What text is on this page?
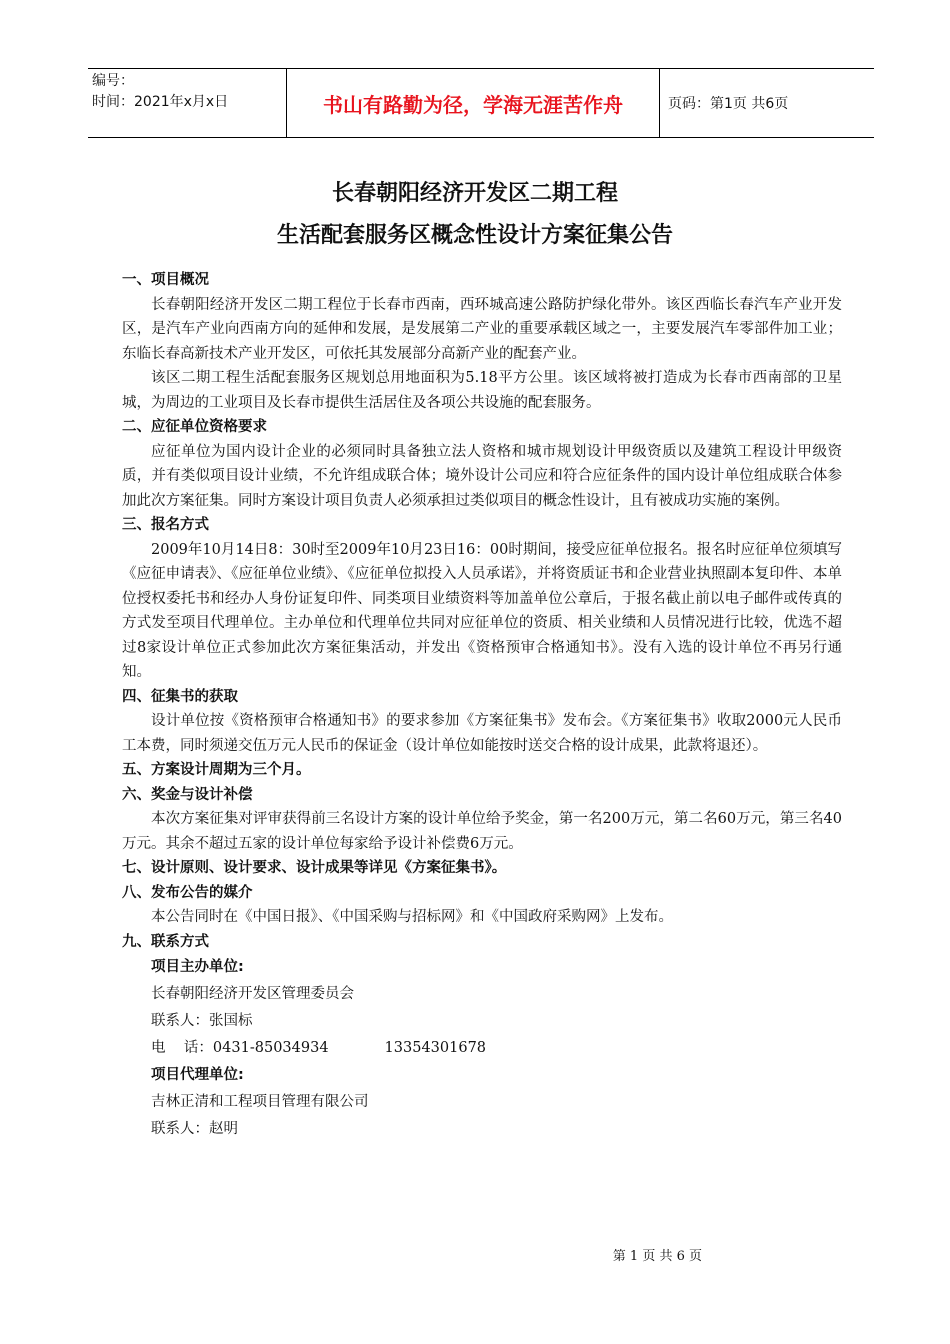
编号：
时间：2021年x月x日	书山有路勤为径，学海无涯苦作舟	页码：第1页 共6页
长春朝阳经济开发区二期工程
生活配套服务区概念性设计方案征集公告
一、项目概况

长春朝阳经济开发区二期工程位于长春市西南，西环城高速公路防护绿化带外。该区西临长春汽车产业开发区，是汽车产业向西南方向的延伸和发展，是发展第二产业的重要承载区域之一，主要发展汽车零部件加工业；东临长春高新技术产业开发区，可依托其发展部分高新产业的配套产业。

该区二期工程生活配套服务区规划总用地面积为5.18平方公里。该区域将被打造成为长春市西南部的卫星城，为周边的工业项目及长春市提供生活居住及各项公共设施的配套服务。

二、应征单位资格要求

应征单位为国内设计企业的必须同时具备独立法人资格和城市规划设计甲级资质以及建筑工程设计甲级资质，并有类似项目设计业绩，不允许组成联合体；境外设计公司应和符合应征条件的国内设计单位组成联合体参加此次方案征集。同时方案设计项目负责人必须承担过类似项目的概念性设计，且有被成功实施的案例。

三、报名方式

2009年10月14日8：30时至2009年10月23日16：00时期间，接受应征单位报名。报名时应征单位须填写《应征申请表》、《应征单位业绩》、《应征单位拟投入人员承诺》，并将资质证书和企业营业执照副本复印件、本单位授权委托书和经办人身份证复印件、同类项目业绩资料等加盖单位公章后，于报名截止前以电子邮件或传真的方式发至项目代理单位。主办单位和代理单位共同对应征单位的资质、相关业绩和人员情况进行比较，优选不超过8家设计单位正式参加此次方案征集活动，并发出《资格预审合格通知书》。没有入选的设计单位不再另行通知。

四、征集书的获取

设计单位按《资格预审合格通知书》的要求参加《方案征集书》发布会。《方案征集书》收取2000元人民币工本费，同时须递交伍万元人民币的保证金（设计单位如能按时送交合格的设计成果，此款将退还）。

五、方案设计周期为三个月。
六、奖金与设计补偿

本次方案征集对评审获得前三名设计方案的设计单位给予奖金，第一名200万元，第二名60万元，第三名40万元。其余不超过五家的设计单位每家给予设计补偿费6万元。

七、设计原则、设计要求、设计成果等详见《方案征集书》。
八、发布公告的媒介

本公告同时在《中国日报》、《中国采购与招标网》和《中国政府采购网》上发布。

九、联系方式
项目主办单位:
长春朝阳经济开发区管理委员会
联系人：张国标
电    话：0431-85034934	13354301678
项目代理单位:
吉林正清和工程项目管理有限公司
联系人：赵明
第 1 页 共 6 页
